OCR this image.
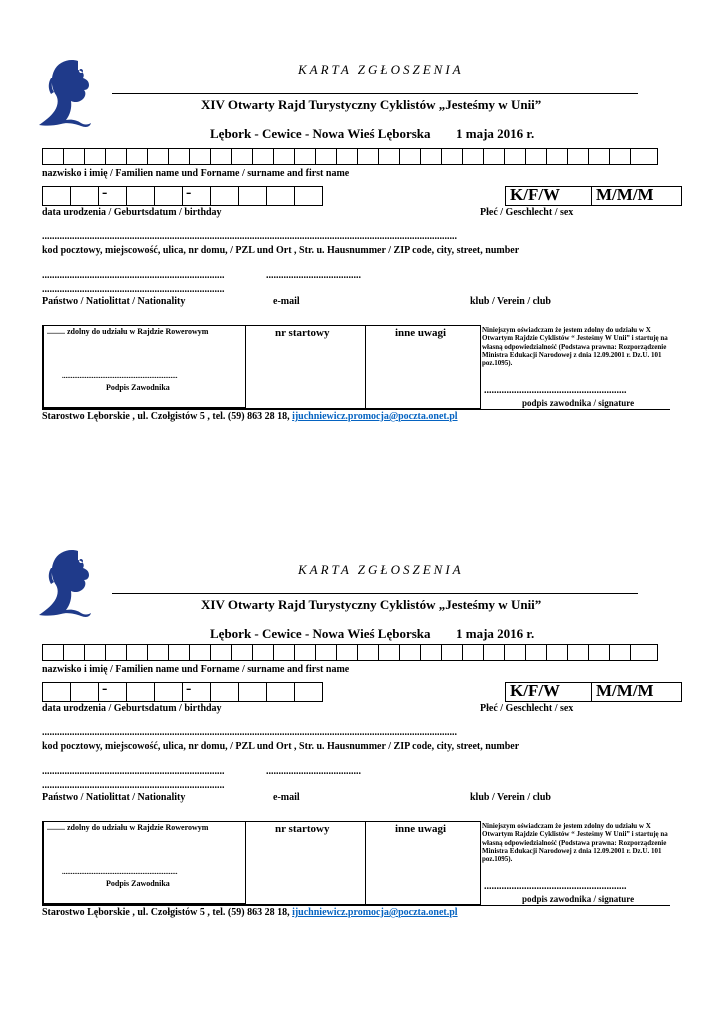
KARTA ZGŁOSZENIA
XIV Otwarty Rajd Turystyczny Cyklistów „Jesteśmy w Unii”
Lębork - Cewice - Nowa Wieś Lęborska 1 maja 2016 r.
nazwisko i imię / Familien name und Forname / surname and first name
-	-	K/F/W	M/M/M
data urodzenia / Geburtsdatum / birthday	Płeć / Geschlecht / sex
......................................................................................................................................................................
kod pocztowy, miejscowość, ulica, nr domu, / PZL und Ort , Str. u. Hausnummer / ZIP code, city, street, number
.........................................................................	......................................
.........................................................................
Państwo / Natiolittat / Nationality	e-mail	klub / Verein / club
......... zdolny do udziału w Rajdzie Rowerowym
..................................................................
Podpis Zawodnika
nr startowy	inne uwagi	Niniejszym oświadczam że jestem zdolny do udziału w X Otwartym Rajdzie Cyklistów “ Jesteśmy W Unii” i startuję na własną odpowiedzialność (Podstawa prawna: Rozporządzenie Ministra Edukacji Narodowej z dnia 12.09.2001 r. Dz.U. 101 poz.1095).
.........................................................
podpis zawodnika / signature
Starostwo Lęborskie , ul. Czołgistów 5 , tel. (59) 863 28 18, ijuchniewicz.promocja@poczta.onet.pl
KARTA ZGŁOSZENIA
XIV Otwarty Rajd Turystyczny Cyklistów „Jesteśmy w Unii”
Lębork - Cewice - Nowa Wieś Lęborska 1 maja 2016 r.
nazwisko i imię / Familien name und Forname / surname and first name
-	-	K/F/W	M/M/M
data urodzenia / Geburtsdatum / birthday	Płeć / Geschlecht / sex
......................................................................................................................................................................
kod pocztowy, miejscowość, ulica, nr domu, / PZL und Ort , Str. u. Hausnummer / ZIP code, city, street, number
.........................................................................	......................................
.........................................................................
Państwo / Natiolittat / Nationality	e-mail	klub / Verein / club
......... zdolny do udziału w Rajdzie Rowerowym
..................................................................
Podpis Zawodnika
nr startowy	inne uwagi	Niniejszym oświadczam że jestem zdolny do udziału w X Otwartym Rajdzie Cyklistów “ Jesteśmy W Unii” i startuję na własną odpowiedzialność (Podstawa prawna: Rozporządzenie Ministra Edukacji Narodowej z dnia 12.09.2001 r. Dz.U. 101 poz.1095).
.........................................................
podpis zawodnika / signature
Starostwo Lęborskie , ul. Czołgistów 5 , tel. (59) 863 28 18, ijuchniewicz.promocja@poczta.onet.pl
